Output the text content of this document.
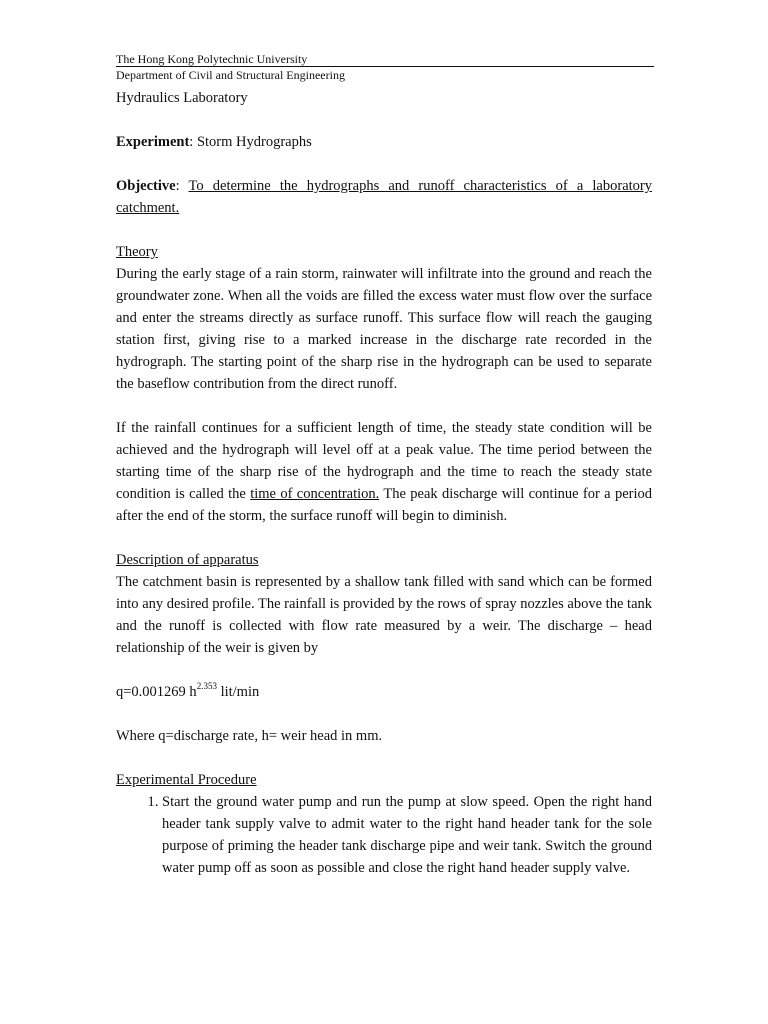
The Hong Kong Polytechnic University
Department of Civil and Structural Engineering
Hydraulics Laboratory
Experiment: Storm Hydrographs

Objective: To determine the hydrographs and runoff characteristics of a laboratory catchment.

Theory

During the early stage of a rain storm, rainwater will infiltrate into the ground and reach the groundwater zone. When all the voids are filled the excess water must flow over the surface and enter the streams directly as surface runoff. This surface flow will reach the gauging station first, giving rise to a marked increase in the discharge rate recorded in the hydrograph. The starting point of the sharp rise in the hydrograph can be used to separate the baseflow contribution from the direct runoff.

If the rainfall continues for a sufficient length of time, the steady state condition will be achieved and the hydrograph will level off at a peak value. The time period between the starting time of the sharp rise of the hydrograph and the time to reach the steady state condition is called the time of concentration. The peak discharge will continue for a period after the end of the storm, the surface runoff will begin to diminish.

Description of apparatus

The catchment basin is represented by a shallow tank filled with sand which can be formed into any desired profile. The rainfall is provided by the rows of spray nozzles above the tank and the runoff is collected with flow rate measured by a weir. The discharge – head relationship of the weir is given by

q=0.001269 $h^{2.353}$ lit/min
Where q=discharge rate, h= weir head in mm.
Experimental Procedure
1. Start the ground water pump and run the pump at slow speed. Open the right hand header tank supply valve to admit water to the right hand header tank for the sole purpose of priming the header tank discharge pipe and weir tank. Switch the ground water pump off as soon as possible and close the right hand header supply valve.
